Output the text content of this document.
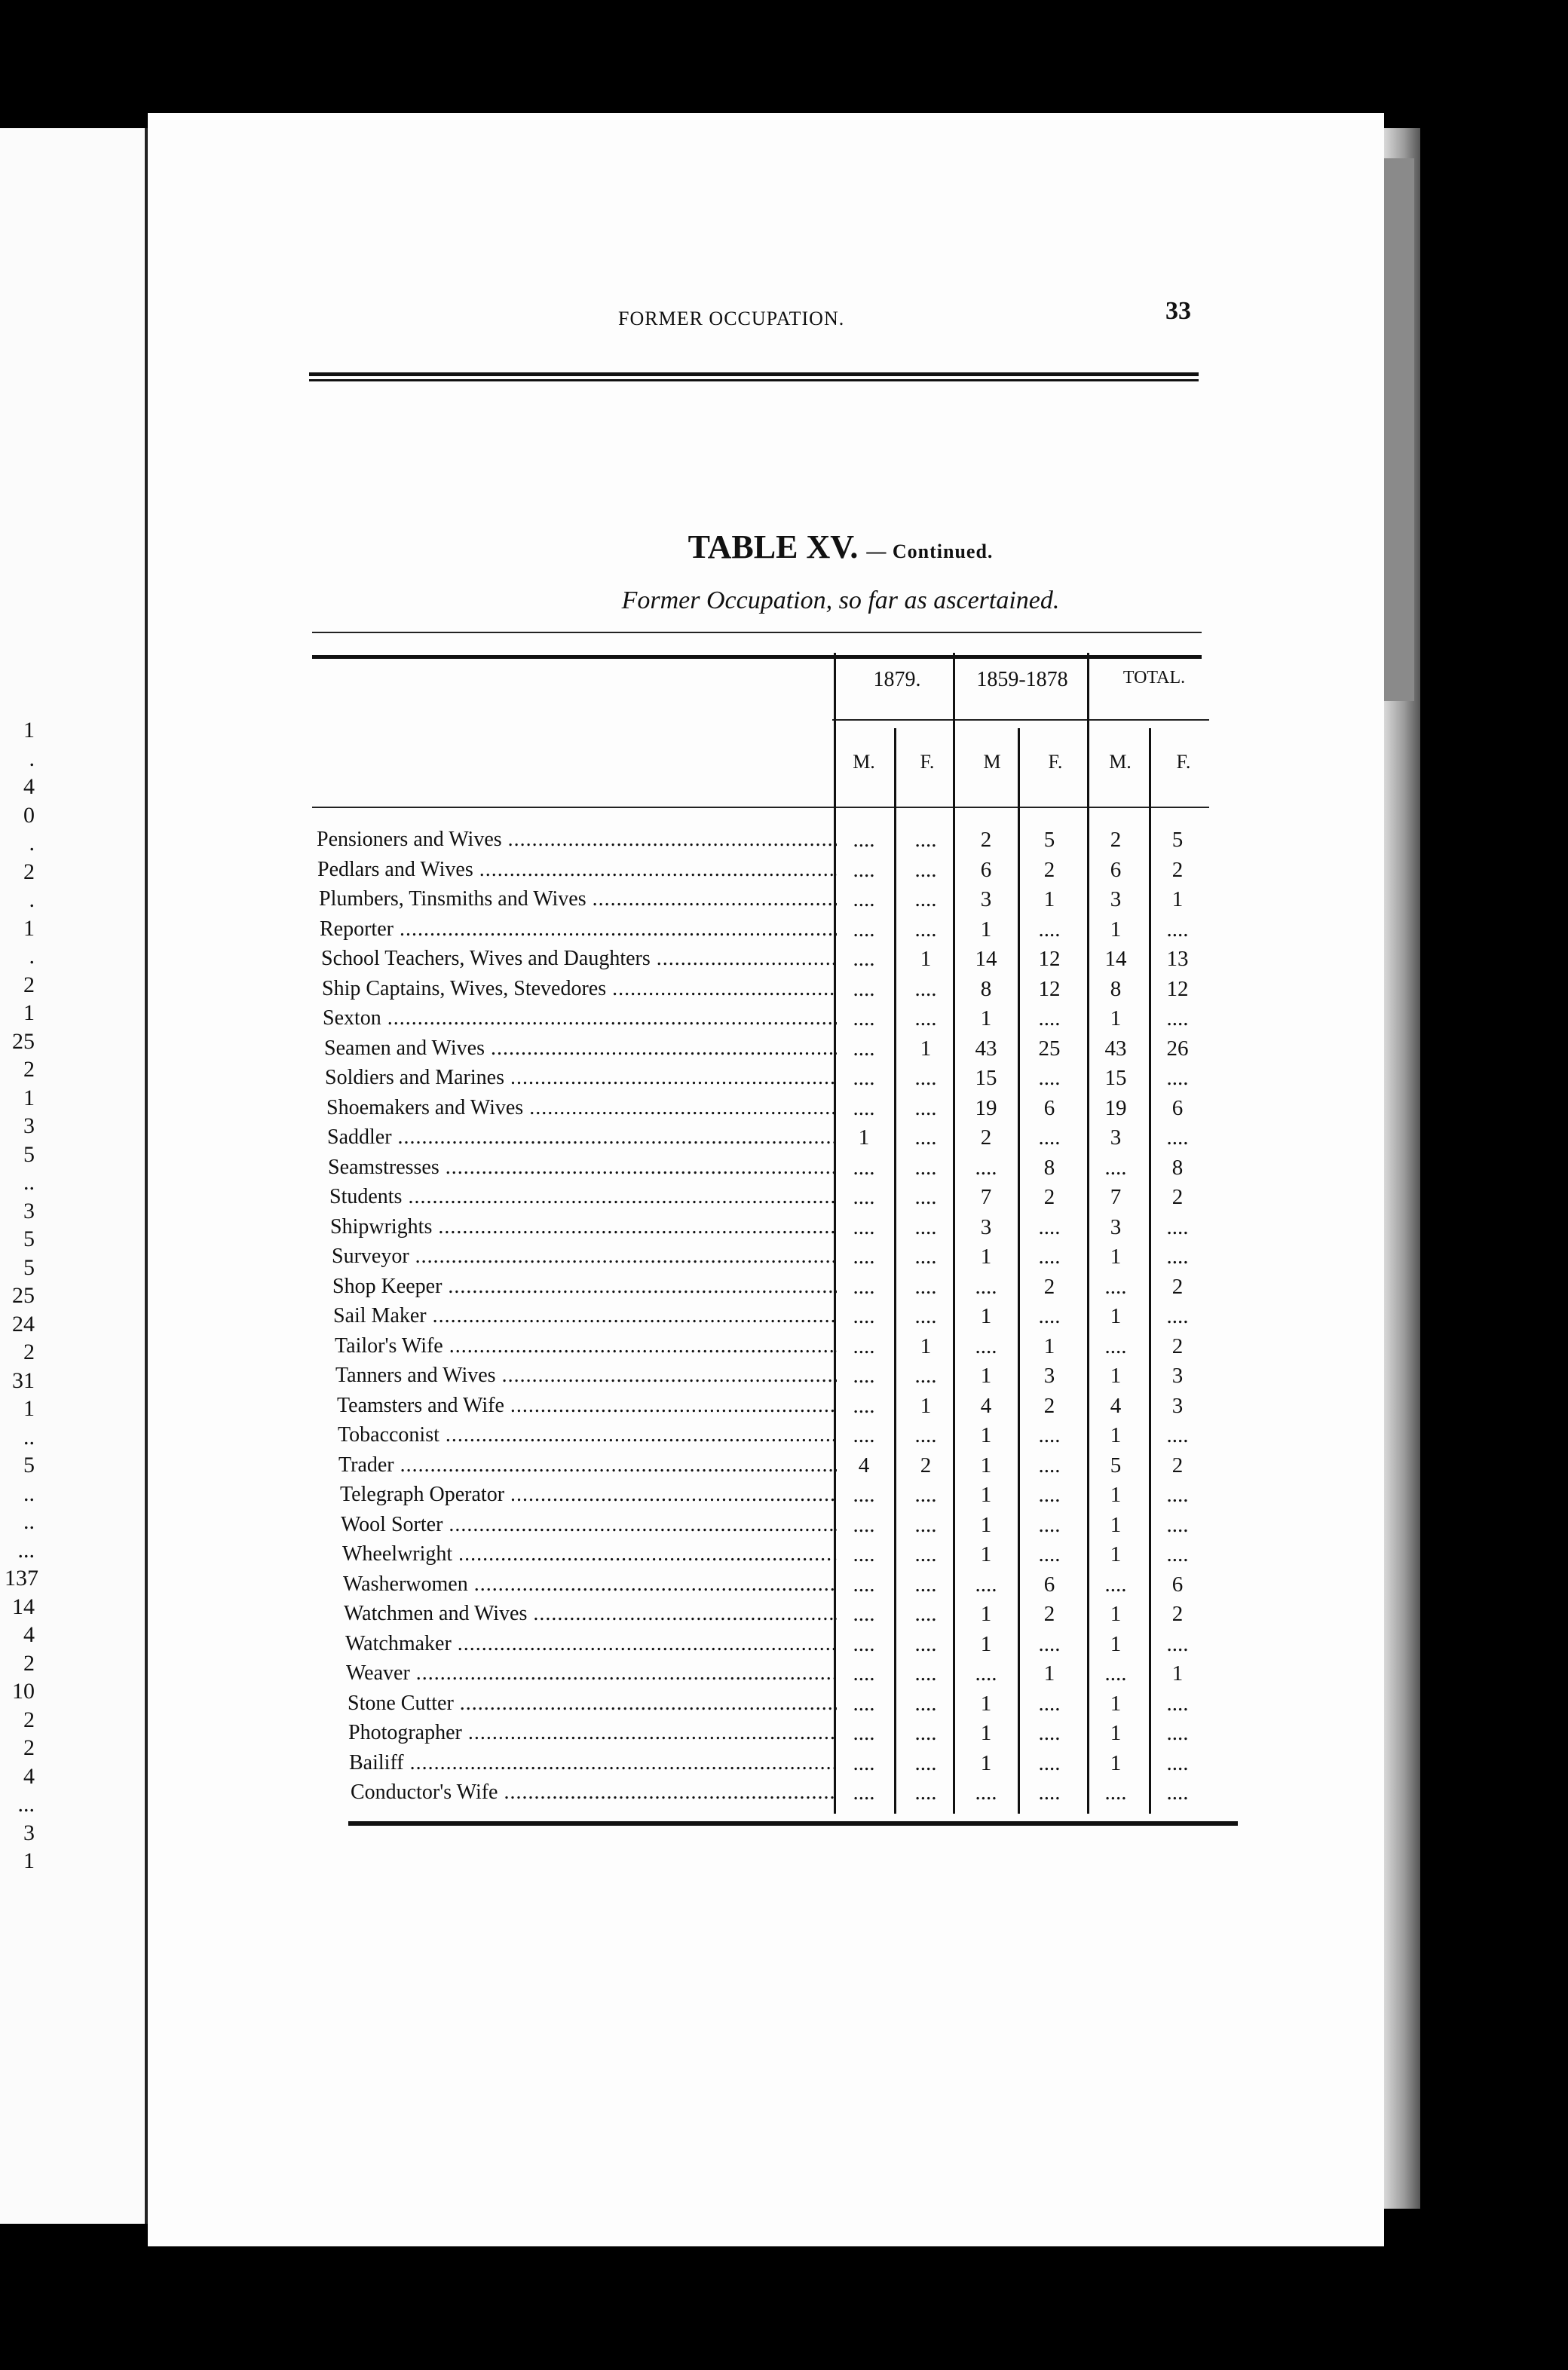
1
.
4
0
.
2
.
1
.
2
1
25
2
1
3
5
..
3
5
5
25
24
2
31
1
..
5
..
..
...
137
14
4
2
10
2
2
4
...
3
1
FORMER OCCUPATION.	33
TABLE XV. — Continued.
Former Occupation, so far as ascertained.
1879.	1859-1878	TOTAL.
M.	F.	M	F.	M.	F.
Pensioners and Wives .....	....	....	2	5	2	5
Pedlars and Wives .....	....	....	6	2	6	2
Plumbers, Tinsmiths and Wives .....	....	....	3	1	3	1
Reporter .....	....	....	1	....	1	....
School Teachers, Wives and Daughters .....	....	1	14	12	14	13
Ship Captains, Wives, Stevedores .....	....	....	8	12	8	12
Sexton .....	....	....	1	....	1	....
Seamen and Wives .....	....	1	43	25	43	26
Soldiers and Marines .....	....	....	15	....	15	....
Shoemakers and Wives .....	....	....	19	6	19	6
Saddler .....	1	....	2	....	3	....
Seamstresses .....	....	....	....	8	....	8
Students .....	....	....	7	2	7	2
Shipwrights .....	....	....	3	....	3	....
Surveyor .....	....	....	1	....	1	....
Shop Keeper .....	....	....	....	2	....	2
Sail Maker .....	....	....	1	....	1	....
Tailor's Wife .....	....	1	....	1	....	2
Tanners and Wives .....	....	....	1	3	1	3
Teamsters and Wife .....	....	1	4	2	4	3
Tobacconist .....	....	....	1	....	1	....
Trader .....	4	2	1	....	5	2
Telegraph Operator .....	....	....	1	....	1	....
Wool Sorter .....	....	....	1	....	1	....
Wheelwright .....	....	....	1	....	1	....
Washerwomen .....	....	....	....	6	....	6
Watchmen and Wives .....	....	....	1	2	1	2
Watchmaker .....	....	....	1	....	1	....
Weaver .....	....	....	....	1	....	1
Stone Cutter .....	....	....	1	....	1	....
Photographer .....	....	....	1	....	1	....
Bailiff .....	....	....	1	....	1	....
Conductor's Wife .....	....	....	....	....	....	....
